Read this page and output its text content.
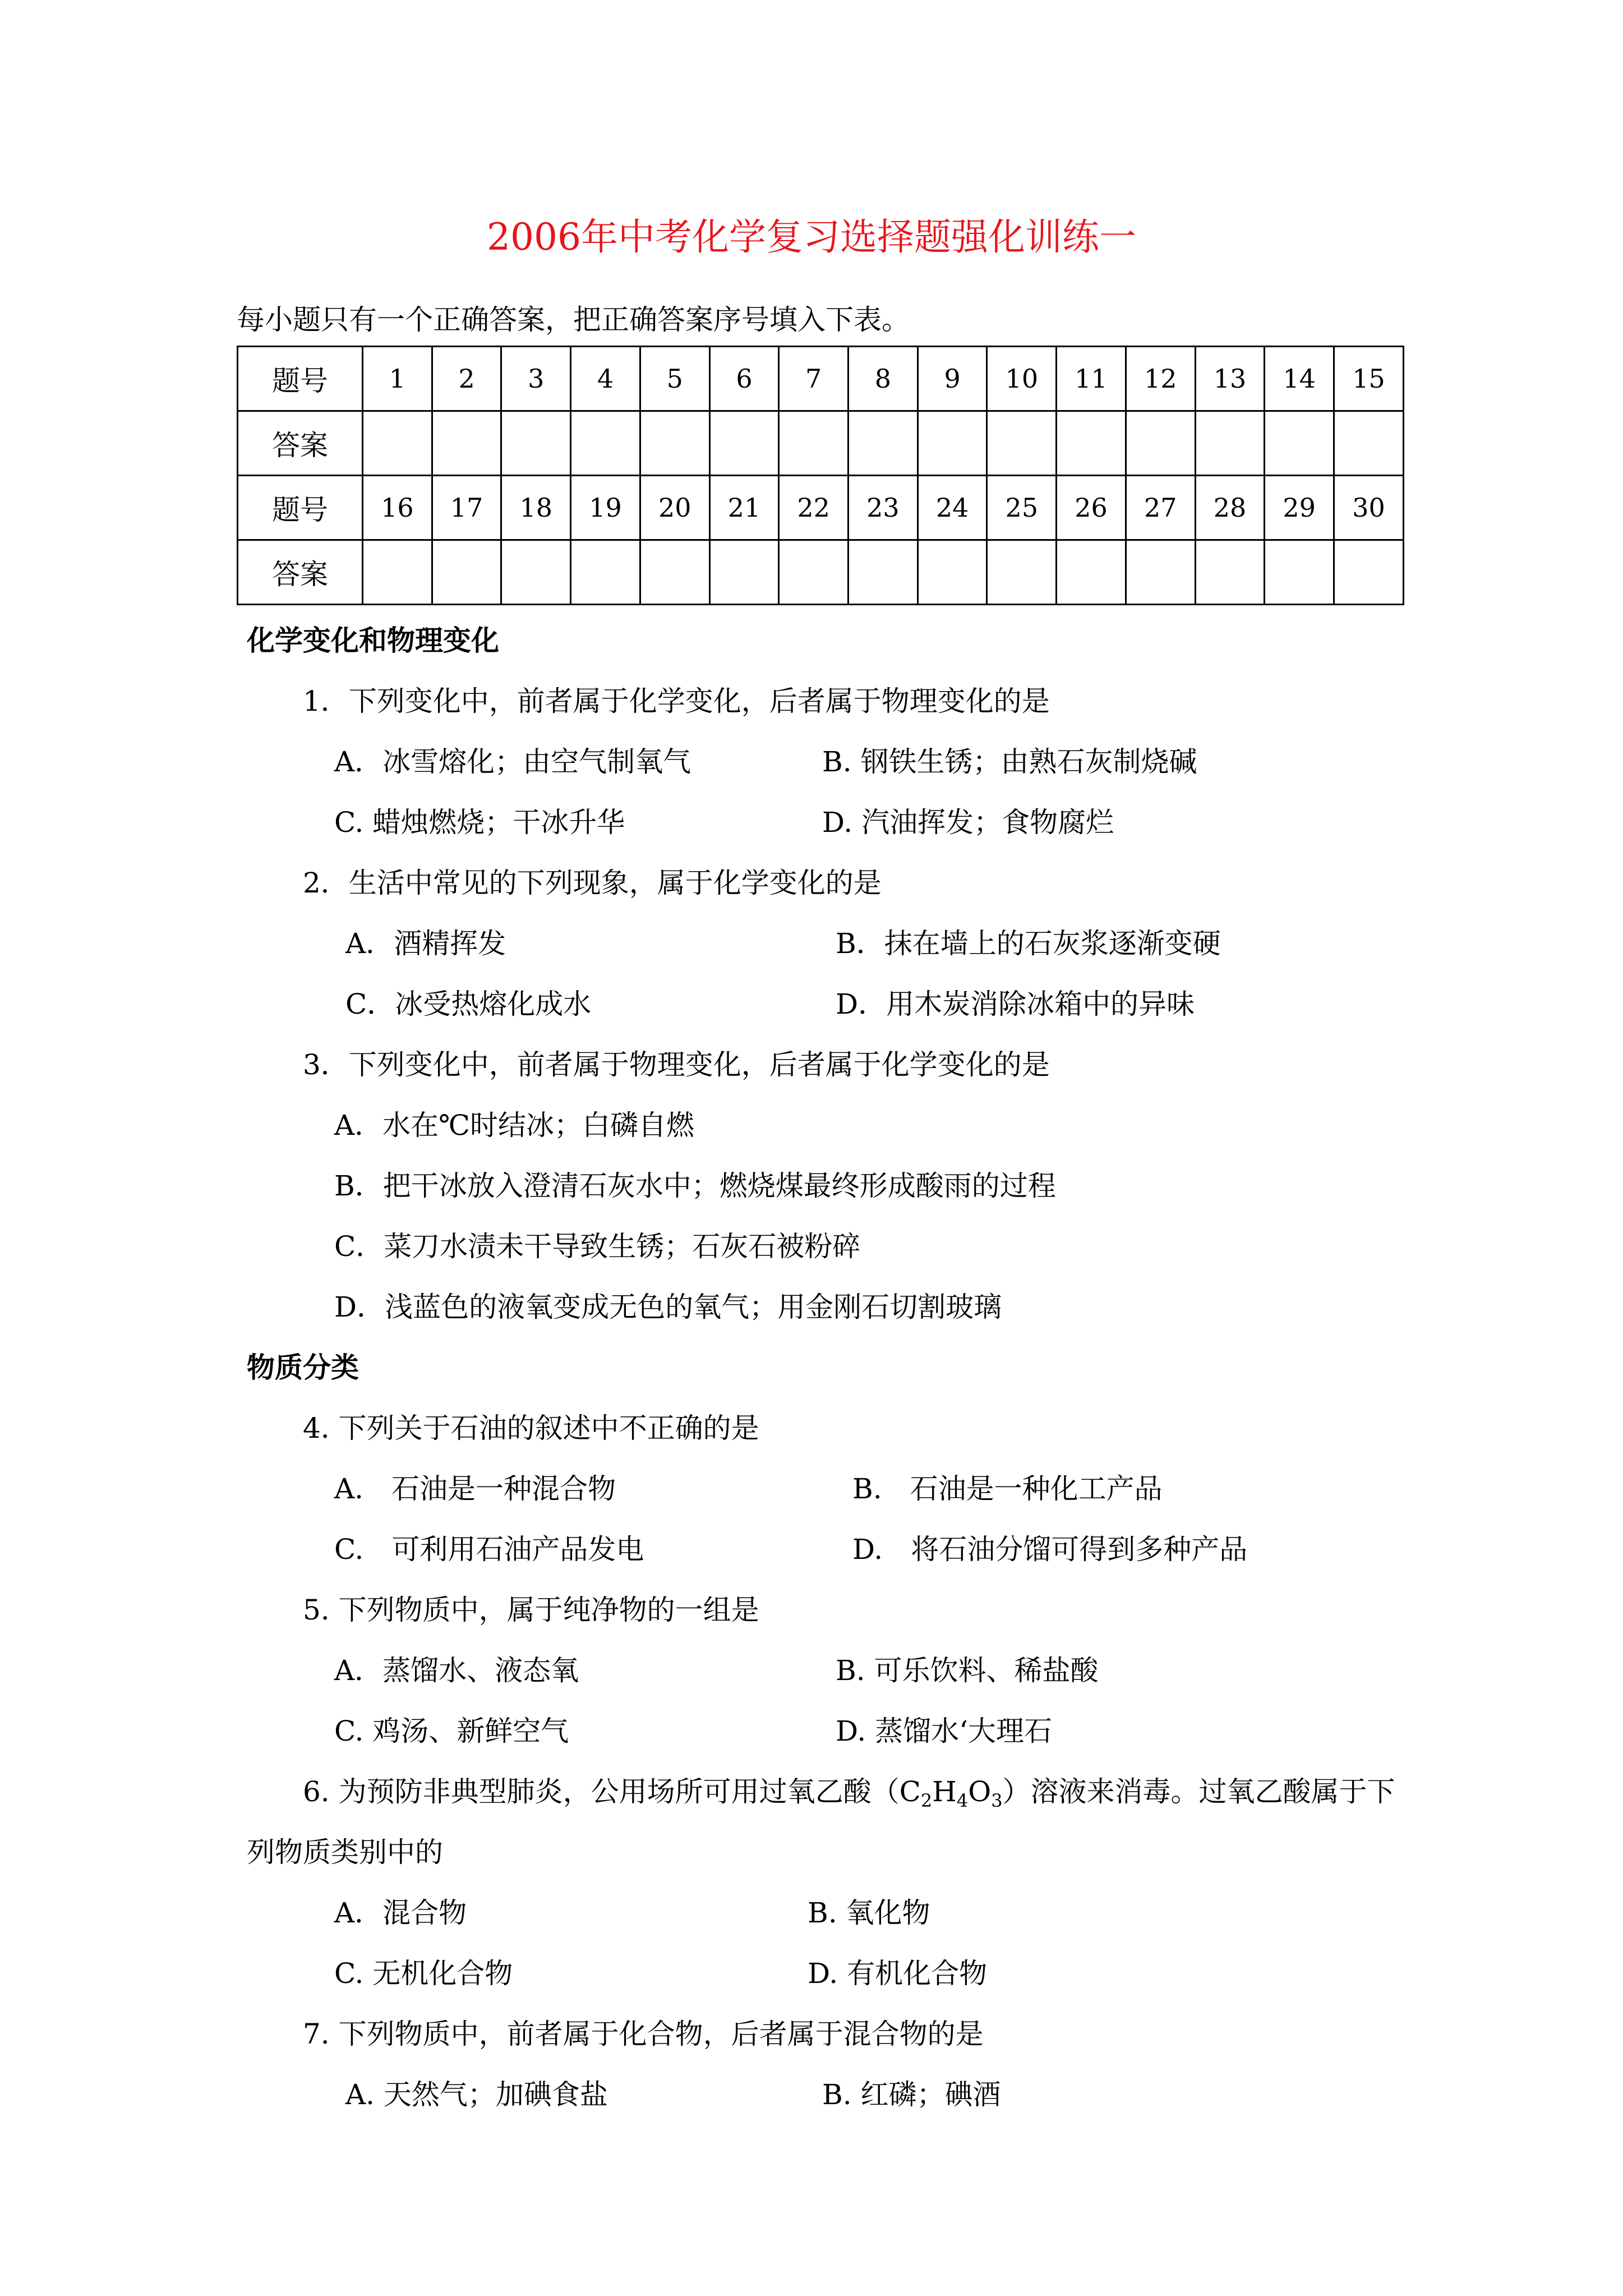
2006年中考化学复习选择题强化训练一
每小题只有一个正确答案，把正确答案序号填入下表。
题号	1	2	3	4	5	6	7	8	9	10	11	12	13	14	15
答案															
题号	16	17	18	19	20	21	22	23	24	25	26	27	28	29	30
答案															
化学变化和物理变化
1．下列变化中，前者属于化学变化，后者属于物理变化的是
A．冰雪熔化；由空气制氧气	B. 钢铁生锈；由熟石灰制烧碱
C. 蜡烛燃烧；干冰升华	D. 汽油挥发；食物腐烂
2．生活中常见的下列现象，属于化学变化的是
A．酒精挥发	B．抹在墙上的石灰浆逐渐变硬
C．冰受热熔化成水	D．用木炭消除冰箱中的异味
3．下列变化中，前者属于物理变化，后者属于化学变化的是
A．水在℃时结冰；白磷自燃
B．把干冰放入澄清石灰水中；燃烧煤最终形成酸雨的过程
C．菜刀水渍未干导致生锈；石灰石被粉碎
D．浅蓝色的液氧变成无色的氧气；用金刚石切割玻璃
物质分类
4. 下列关于石油的叙述中不正确的是
A.　石油是一种混合物	B.　石油是一种化工产品
C.　可利用石油产品发电	D.　将石油分馏可得到多种产品
5. 下列物质中，属于纯净物的一组是
A．蒸馏水、液态氧	B. 可乐饮料、稀盐酸
C. 鸡汤、新鲜空气	D. 蒸馏水‘大理石
6. 为预防非典型肺炎，公用场所可用过氧乙酸$(C_2H_4O_3)$溶液来消毒。过氧乙酸属于下
列物质类别中的
A．混合物	B. 氧化物
C. 无机化合物	D. 有机化合物
7. 下列物质中，前者属于化合物，后者属于混合物的是
A. 天然气；加碘食盐	B. 红磷；碘酒
